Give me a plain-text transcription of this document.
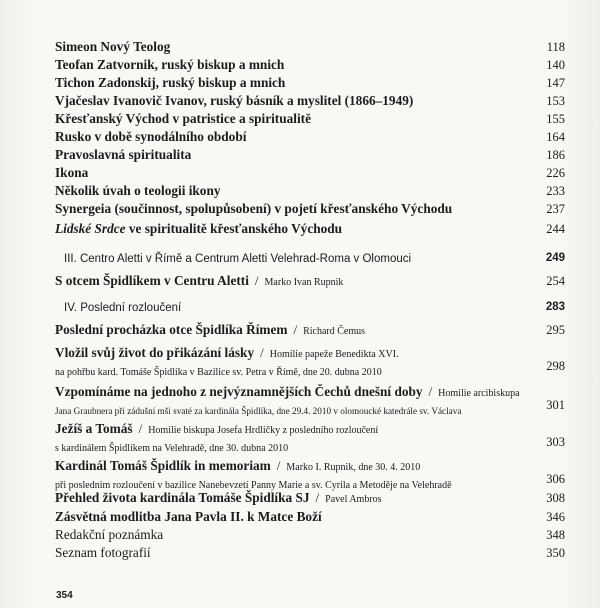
Simeon Nový Teolog	118
Teofan Zatvornik, ruský biskup a mnich	140
Tichon Zadonskij, ruský biskup a mnich	147
Vjačeslav Ivanovič Ivanov, ruský básník a myslitel (1866–1949)	153
Křesťanský Východ v patristice a spiritualitě	155
Rusko v době synodálního období	164
Pravoslavná spiritualita	186
Ikona	226
Několik úvah o teologii ikony	233
Synergeia (součinnost, spolupůsobení) v pojetí křesťanského Východu	237
Lidské Srdce ve spiritualitě křesťanského Východu	244
III. Centro Aletti v Římě a Centrum Aletti Velehrad-Roma v Olomouci	249
S otcem Špidlíkem v Centru Aletti / Marko Ivan Rupnik	254
IV. Poslední rozloučení	283
Poslední procházka otce Špidlíka Římem / Richard Čemus	295
Vložil svůj život do přikázání lásky / Homilie papeže Benedikta XVI.
na pohřbu kard. Tomáše Špidlíka v Bazilice sv. Petra v Římě, dne 20. dubna 2010	298
Vzpomínáme na jednoho z nejvýznamnějších Čechů dnešní doby / Homilie arcibiskupa
Jana Graubnera při zádušní mši svaté za kardinála Špidlíka, dne 29.4. 2010 v olomoucké katedrále sv. Václava	301
Ježíš a Tomáš / Homilie biskupa Josefa Hrdličky z posledního rozloučení
s kardinálem Špidlíkem na Velehradě, dne 30. dubna 2010	303
Kardinál Tomáš Špidlík in memoriam / Marko I. Rupnik, dne 30. 4. 2010
při posledním rozloučení v bazilice Nanebevzetí Panny Marie a sv. Cyrila a Metoděje na Velehradě	306
Přehled života kardinála Tomáše Špidlíka SJ / Pavel Ambros	308
Zásvětná modlitba Jana Pavla II. k Matce Boží	346
Redakční poznámka	348
Seznam fotografií	350
354
